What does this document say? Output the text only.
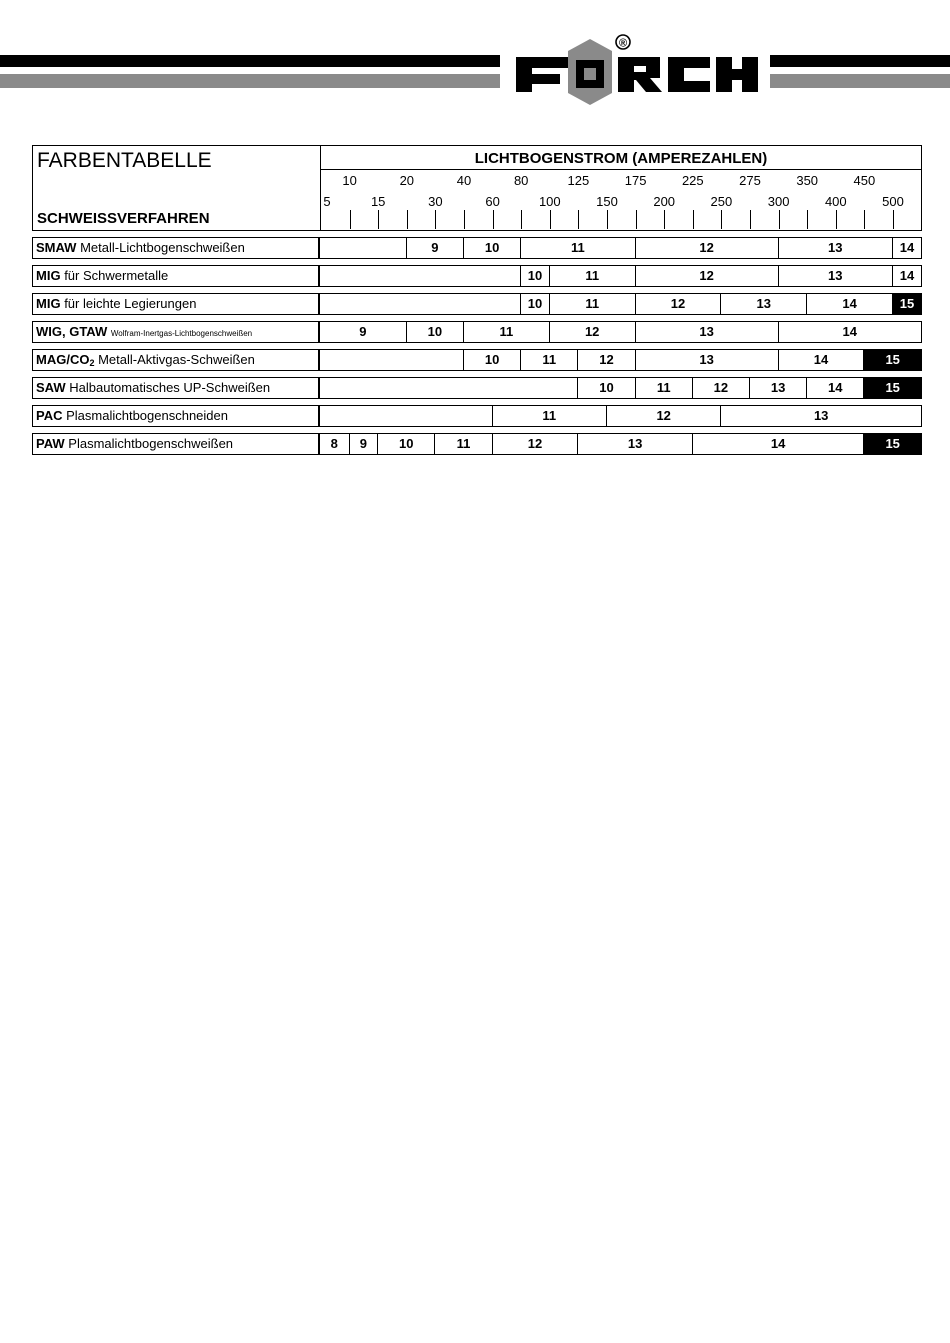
®
FARBENTABELLE
SCHWEISSVERFAHREN
LICHTBOGENSTROM (AMPEREZAHLEN)
10	20	40	80	125	175	225	275	350	450
5	15	30	60	100	150	200	250	300	400	500
SMAW Metall-Lichtbogenschweißen	9	10	11	12	13	14
MIG für Schwermetalle	10	11	12	13	14
MIG für leichte Legierungen	10	11	12	13	14	15
WIG, GTAW Wolfram-Inertgas-Lichtbogenschweißen	9	10	11	12	13	14
MAG/$CO_2$ Metall-Aktivgas-Schweißen	10	11	12	13	14	15
SAW Halbautomatisches UP-Schweißen	10	11	12	13	14	15
PAC Plasmalichtbogenschneiden	11	12	13
PAW Plasmalichtbogenschweißen	8	9	10	11	12	13	14	15
